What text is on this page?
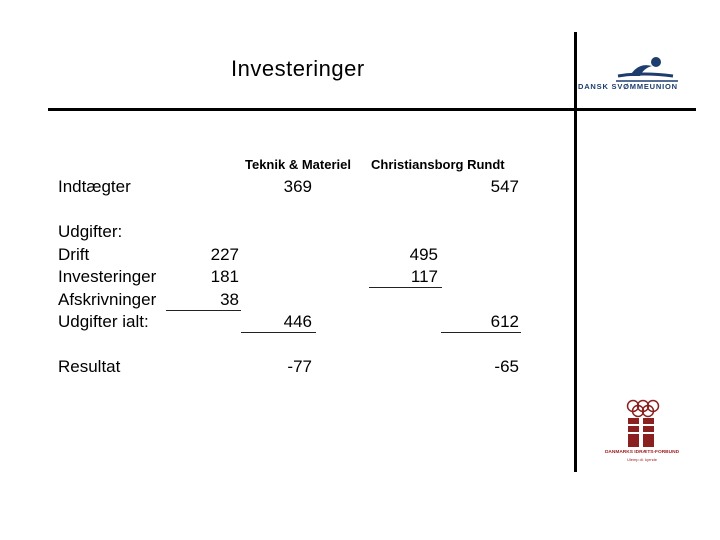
Investeringer
DANSK SVØMMEUNION
Teknik & Materiel Christiansborg Rundt
Indtægter	369	547
Udgifter:
Drift	227	495
Investeringer	181	117
Afskrivninger	38
Udgifter ialt:	446	612
Resultat	-77	-65
DANMARKS IDRÆTS-FORBUND
Ulemp di. kyrnde
